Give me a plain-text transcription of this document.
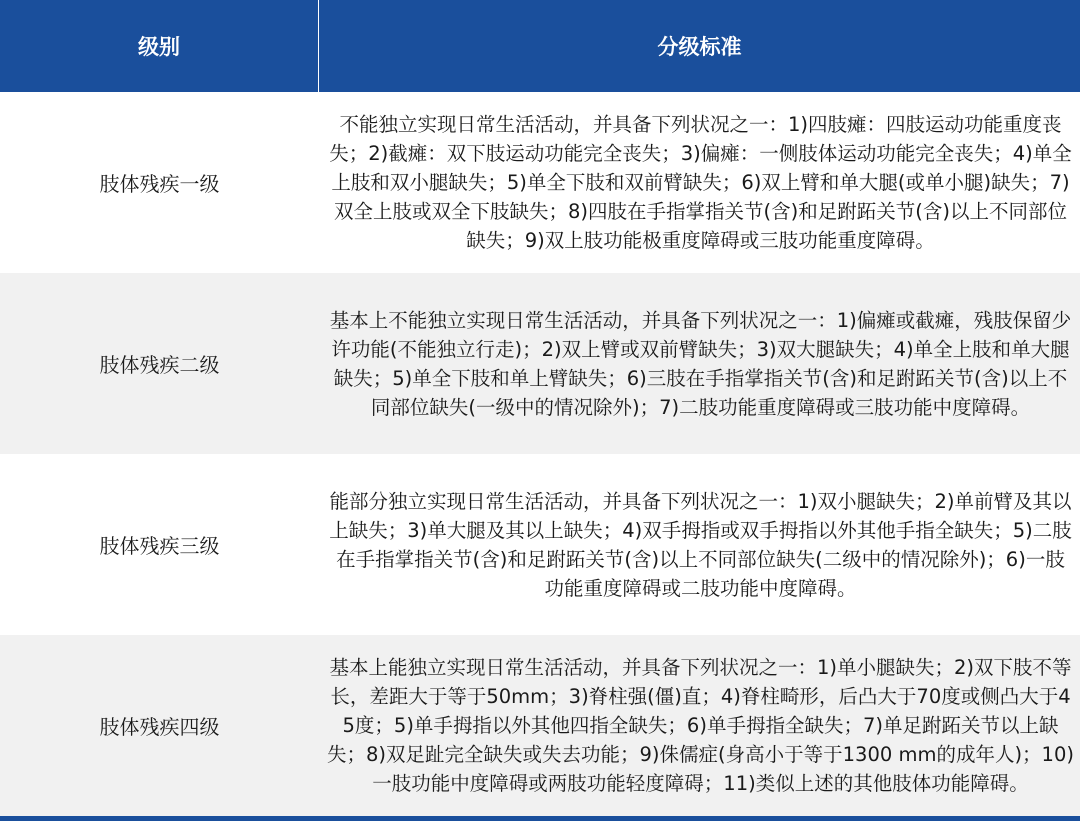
级别	分级标准
肢体残疾一级
不能独立实现日常生活活动，并具备下列状况之一：1)四肢瘫：四肢运动功能重度丧失；2)截瘫：双下肢运动功能完全丧失；3)偏瘫：一侧肢体运动功能完全丧失；4)单全上肢和双小腿缺失；5)单全下肢和双前臂缺失；6)双上臂和单大腿(或单小腿)缺失；7)双全上肢或双全下肢缺失；8)四肢在手指掌指关节(含)和足跗跖关节(含)以上不同部位缺失；9)双上肢功能极重度障碍或三肢功能重度障碍。
肢体残疾二级
基本上不能独立实现日常生活活动，并具备下列状况之一：1)偏瘫或截瘫，残肢保留少许功能(不能独立行走)；2)双上臂或双前臂缺失；3)双大腿缺失；4)单全上肢和单大腿缺失；5)单全下肢和单上臂缺失；6)三肢在手指掌指关节(含)和足跗跖关节(含)以上不同部位缺失(一级中的情况除外)；7)二肢功能重度障碍或三肢功能中度障碍。
肢体残疾三级
能部分独立实现日常生活活动，并具备下列状况之一：1)双小腿缺失；2)单前臂及其以上缺失；3)单大腿及其以上缺失；4)双手拇指或双手拇指以外其他手指全缺失；5)二肢在手指掌指关节(含)和足跗跖关节(含)以上不同部位缺失(二级中的情况除外)；6)一肢功能重度障碍或二肢功能中度障碍。
肢体残疾四级
基本上能独立实现日常生活活动，并具备下列状况之一：1)单小腿缺失；2)双下肢不等长，差距大于等于50mm；3)脊柱强(僵)直；4)脊柱畸形，后凸大于70度或侧凸大于45度；5)单手拇指以外其他四指全缺失；6)单手拇指全缺失；7)单足跗跖关节以上缺失；8)双足趾完全缺失或失去功能；9)侏儒症(身高小于等于1300 mm的成年人)；10)一肢功能中度障碍或两肢功能轻度障碍；11)类似上述的其他肢体功能障碍。
